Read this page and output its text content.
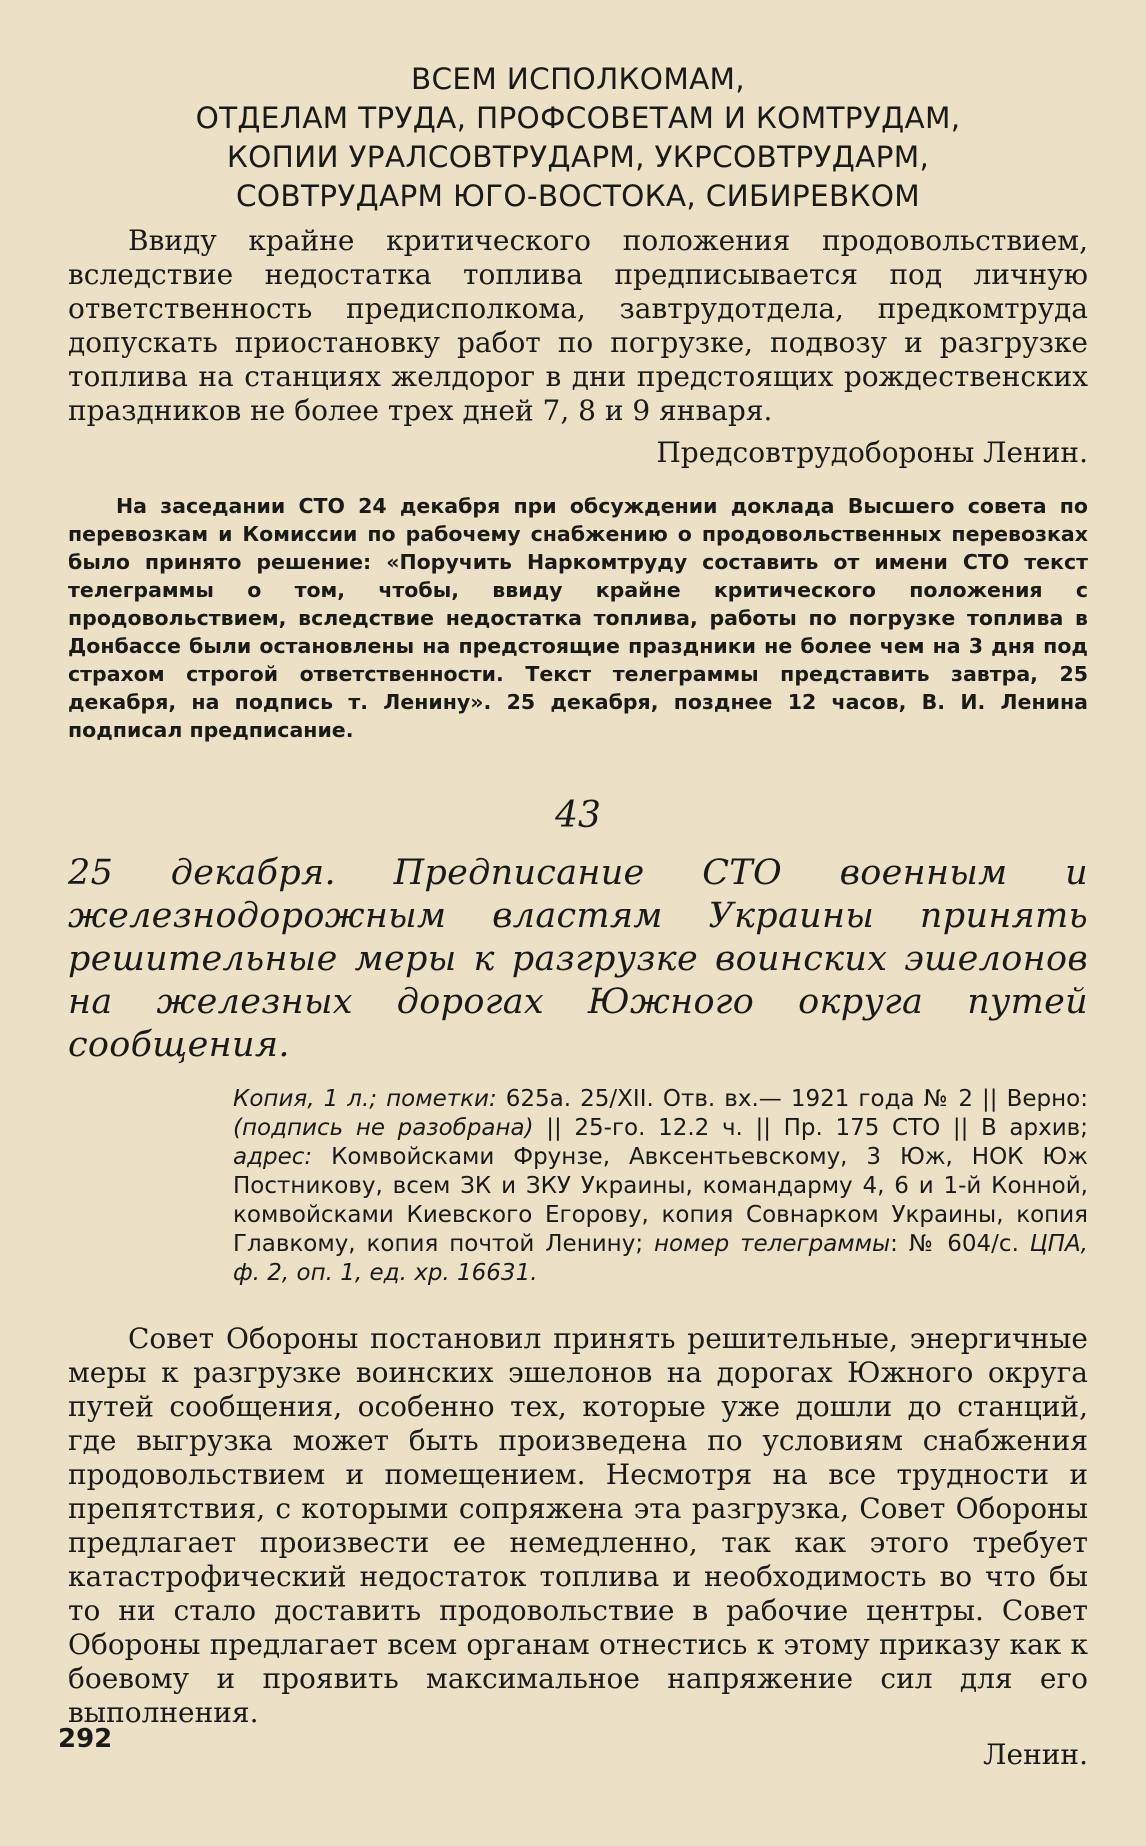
ВСЕМ ИСПОЛКОМАМ,
ОТДЕЛАМ ТРУДА, ПРОФСОВЕТАМ И КОМТРУДАМ,
КОПИИ УРАЛСОВТРУДАРМ, УКРСОВТРУДАРМ,
СОВТРУДАРМ ЮГО-ВОСТОКА, СИБИРЕВКОМ

Ввиду крайне критического положения продовольствием, вследствие недостатка топлива предписывается под личную ответственность предисполкома, завтрудотдела, предкомтруда допускать приостановку работ по погрузке, подвозу и разгрузке топлива на станциях желдорог в дни предстоящих рождественских праздников не более трех дней 7, 8 и 9 января.

Предсовтрудобороны Ленин.

На заседании СТО 24 декабря при обсуждении доклада Высшего совета по перевозкам и Комиссии по рабочему снабжению о продовольственных перевозках было принято решение: «Поручить Наркомтруду составить от имени СТО текст телеграммы о том, чтобы, ввиду крайне критического положения с продовольствием, вследствие недостатка топлива, работы по погрузке топлива в Донбассе были остановлены на предстоящие праздники не более чем на 3 дня под страхом строгой ответственности. Текст телеграммы представить завтра, 25 декабря, на подпись т. Ленину». 25 декабря, позднее 12 часов, В. И. Ленина подписал предписание.

43

25 декабря. Предписание СТО военным и железнодорожным властям Украины принять решительные меры к разгрузке воинских эшелонов на железных дорогах Южного округа путей сообщения.

Копия, 1 л.; пометки: 625а. 25/XII. Отв. вх.— 1921 года № 2 || Верно: (подпись не разобрана) || 25-го. 12.2 ч. || Пр. 175 СТО || В архив; адрес: Комвойсками Фрунзе, Авксентьевскому, 3 Юж, НОК Юж Постникову, всем ЗК и ЗКУ Украины, командарму 4, 6 и 1-й Конной, комвойсками Киевского Егорову, копия Совнарком Украины, копия Главкому, копия почтой Ленину; номер телеграммы: № 604/с. ЦПА, ф. 2, оп. 1, ед. хр. 16631.

Совет Обороны постановил принять решительные, энергичные меры к разгрузке воинских эшелонов на дорогах Южного округа путей сообщения, особенно тех, которые уже дошли до станций, где выгрузка может быть произведена по условиям снабжения продовольствием и помещением. Несмотря на все трудности и препятствия, с которыми сопряжена эта разгрузка, Совет Обороны предлагает произвести ее немедленно, так как этого требует катастрофический недостаток топлива и необходимость во что бы то ни стало доставить продовольствие в рабочие центры. Совет Обороны предлагает всем органам отнестись к этому приказу как к боевому и проявить максимальное напряжение сил для его выполнения.

Ленин.

292
